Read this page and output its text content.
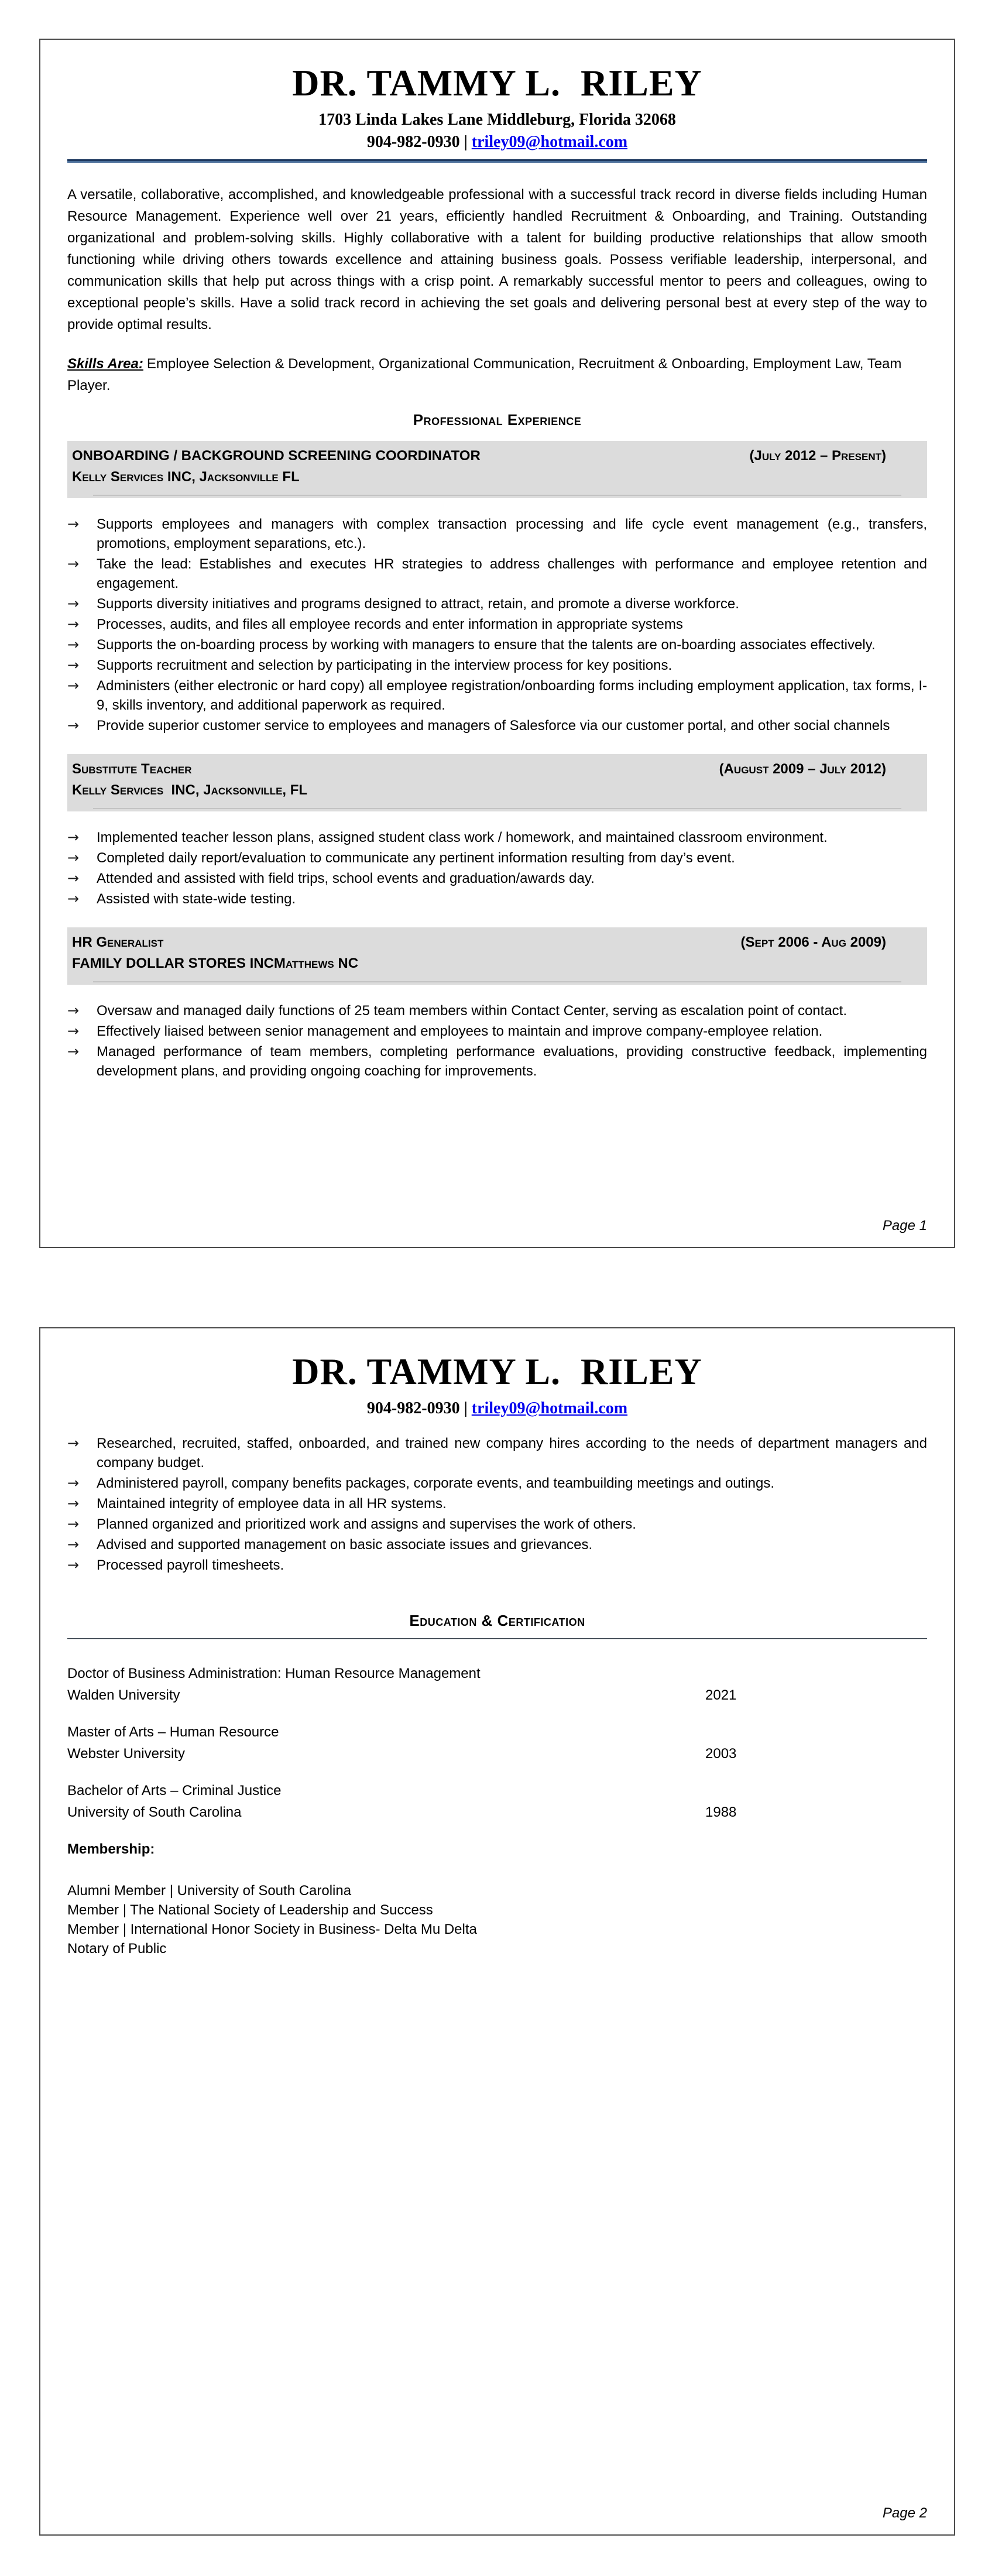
DR. TAMMY L.  RILEY
1703 Linda Lakes Lane Middleburg, Florida 32068
904-982-0930 | triley09@hotmail.com
A versatile, collaborative, accomplished, and knowledgeable professional with a successful track record in diverse fields including Human Resource Management. Experience well over 21 years, efficiently handled Recruitment & Onboarding, and Training. Outstanding organizational and problem-solving skills. Highly collaborative with a talent for building productive relationships that allow smooth functioning while driving others towards excellence and attaining business goals. Possess verifiable leadership, interpersonal, and communication skills that help put across things with a crisp point. A remarkably successful mentor to peers and colleagues, owing to exceptional people’s skills. Have a solid track record in achieving the set goals and delivering personal best at every step of the way to provide optimal results.
Skills Area: Employee Selection & Development, Organizational Communication, Recruitment & Onboarding, Employment Law, Team Player.
Professional Experience
ONBOARDING / BACKGROUND SCREENING COORDINATOR	(July 2012 – Present)
Kelly Services INC, Jacksonville FL
→	Supports employees and managers with complex transaction processing and life cycle event management (e.g., transfers, promotions, employment separations, etc.).
→	Take the lead: Establishes and executes HR strategies to address challenges with performance and employee retention and engagement.
→	Supports diversity initiatives and programs designed to attract, retain, and promote a diverse workforce.
→	Processes, audits, and files all employee records and enter information in appropriate systems
→	Supports the on-boarding process by working with managers to ensure that the talents are on-boarding associates effectively.
→	Supports recruitment and selection by participating in the interview process for key positions.
→	Administers (either electronic or hard copy) all employee registration/onboarding forms including employment application, tax forms, I-9, skills inventory, and additional paperwork as required.
→	Provide superior customer service to employees and managers of Salesforce via our customer portal, and other social channels
Substitute Teacher	(August 2009 – July 2012)
Kelly Services  INC, Jacksonville, FL
→	Implemented teacher lesson plans, assigned student class work / homework, and maintained classroom environment.
→	Completed daily report/evaluation to communicate any pertinent information resulting from day’s event.
→	Attended and assisted with field trips, school events and graduation/awards day.
→	Assisted with state-wide testing.
HR Generalist	(Sept 2006 - Aug 2009)
FAMILY DOLLAR STORES INCMatthews NC
→	Oversaw and managed daily functions of 25 team members within Contact Center, serving as escalation point of contact.
→	Effectively liaised between senior management and employees to maintain and improve company-employee relation.
→	Managed performance of team members, completing performance evaluations, providing constructive feedback, implementing development plans, and providing ongoing coaching for improvements.
Page 1
DR. TAMMY L.  RILEY
904-982-0930 | triley09@hotmail.com
→	Researched, recruited, staffed, onboarded, and trained new company hires according to the needs of department managers and company budget.
→	Administered payroll, company benefits packages, corporate events, and teambuilding meetings and outings.
→	Maintained integrity of employee data in all HR systems.
→	Planned organized and prioritized work and assigns and supervises the work of others.
→	Advised and supported management on basic associate issues and grievances.
→	Processed payroll timesheets.
Education & Certification
Doctor of Business Administration: Human Resource Management
Walden University	2021
Master of Arts – Human Resource
Webster University	2003
Bachelor of Arts – Criminal Justice
University of South Carolina	1988
Membership:
Alumni Member | University of South Carolina
Member | The National Society of Leadership and Success
Member | International Honor Society in Business- Delta Mu Delta
Notary of Public
Page 2
